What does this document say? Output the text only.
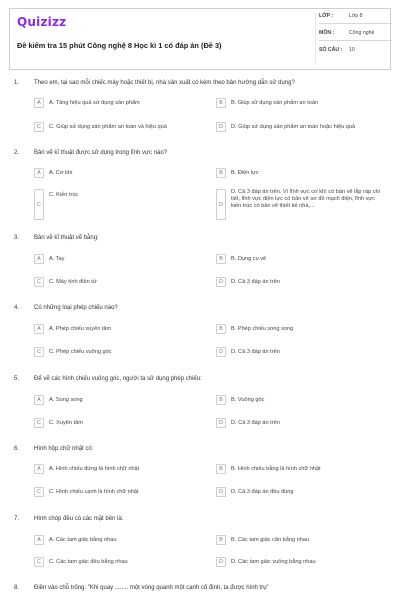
Quizizz
Đề kiểm tra 15 phút Công nghệ 8 Học kì 1 có đáp án (Đề 3)
LỚP :	Lớp 8
MÔN :	Công nghệ
SỐ CÂU : 10
1. Theo em, tại sao mỗi chiếc máy hoặc thiết bị, nhà sản xuất có kèm theo bản hướng dẫn sử dụng?
A	A. Tăng hiệu quả sử dụng sản phẩm	B	B. Giúp sử dụng sản phẩm an toàn
C	C. Giúp sử dụng sản phẩm an toàn và hiệu quả	D	D. Giúp sử dụng sản phẩm an toàn hoặc hiệu quả
2. Bản vẽ kĩ thuật được sử dụng trong lĩnh vực nào?
A	A. Cơ khí	B	B. Điện lực
C
C. Kiến trúc
D
D. Cả 3 đáp án trên. Vì lĩnh vực cơ khí có bản vẽ lắp ráp chi tiết, lĩnh vực điện lực có bản vẽ sơ đồ mạch điện, lĩnh vực kiến trúc có bản vẽ thiết kế nhà,...
3. Bản vẽ kĩ thuật vẽ bằng:
A	A. Tay	B	B. Dụng cụ vẽ
C	C. Máy tính điện tử	D	D. Cả 3 đáp án trên
4. Có những loại phép chiếu nào?
A	A. Phép chiếu xuyên tâm	B	B. Phép chiếu song song
C	C. Phép chiếu vuông góc	D	D. Cả 3 đáp án trên
5. Để vẽ các hình chiếu vuông góc, người ta sử dụng phép chiếu:
A	A. Song song	B	B. Vuông góc
C	C. Xuyên tâm	D	D. Cả 3 đáp án trên
6. Hình hộp chữ nhật có:
A	A. Hình chiếu đứng là hình chữ nhật	B	B. Hình chiếu bằng là hình chữ nhật
C	C. Hình chiếu cạnh là hình chữ nhật	D	D. Cả 3 đáp án đều đúng
7. Hình chóp đều có các mặt bên là:
A	A. Các tam giác bằng nhau	B	B. Các tam giác cân bằng nhau
C	C. Các tam giác đều bằng nhau	D	D. Các tam giác vuông bằng nhau
8. Điền vào chỗ trống: "Khi quay ........ một vòng quanh một cạnh cố định, ta được hình trụ"
